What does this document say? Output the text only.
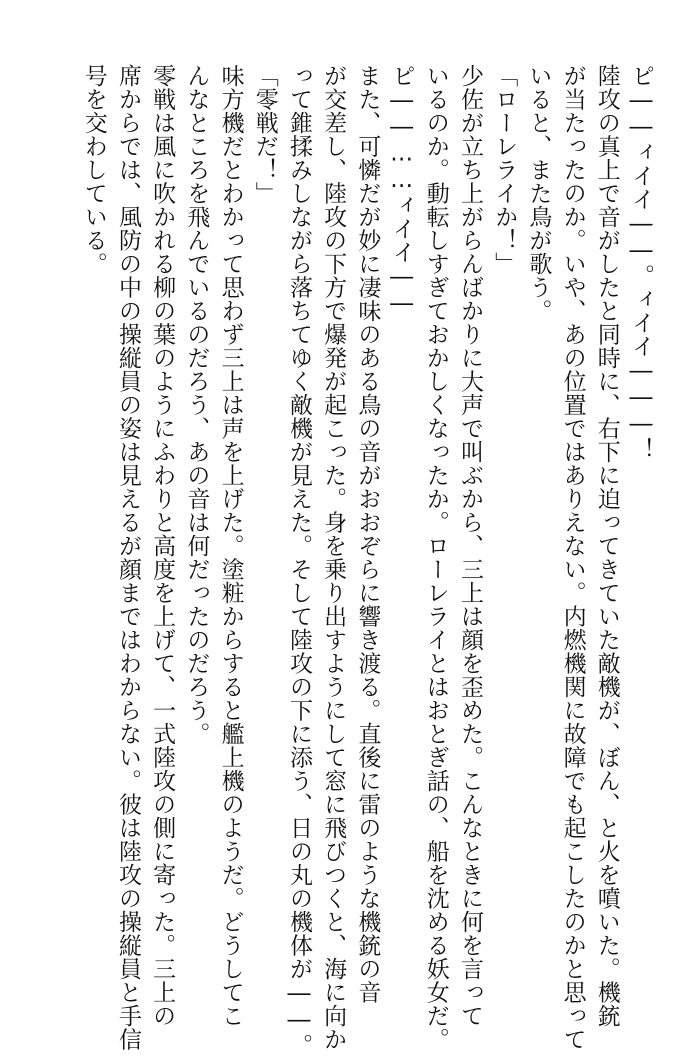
ピ――ィイイ――。ィイイ―――！
陸攻の真上で音がしたと同時に、右下に迫ってきていた敵機が、ぼん、と火を噴いた。機銃
が当たったのか。いや、あの位置ではありえない。内燃機関に故障でも起こしたのかと思って
いると、また鳥が歌う。
「ローレライか！」
少佐が立ち上がらんばかりに大声で叫ぶから、三上は顔を歪めた。こんなときに何を言って
いるのか。動転しすぎておかしくなったか。ローレライとはおとぎ話の、船を沈める妖女だ。
ピ――……ィイイ――
また、可憐だが妙に凄味のある鳥の音がおおぞらに響き渡る。直後に雷のような機銃の音
が交差し、陸攻の下方で爆発が起こった。身を乗り出すようにして窓に飛びつくと、海に向か
って錐揉みしながら落ちてゆく敵機が見えた。そして陸攻の下に添う、日の丸の機体が――。
「零戦だ！」
味方機だとわかって思わず三上は声を上げた。塗粧からすると艦上機のようだ。どうしてこ
んなところを飛んでいるのだろう、あの音は何だったのだろう。
零戦は風に吹かれる柳の葉のようにふわりと高度を上げて、一式陸攻の側に寄った。三上の
席からでは、風防の中の操縦員の姿は見えるが顔まではわからない。彼は陸攻の操縦員と手信
号を交わしている。
